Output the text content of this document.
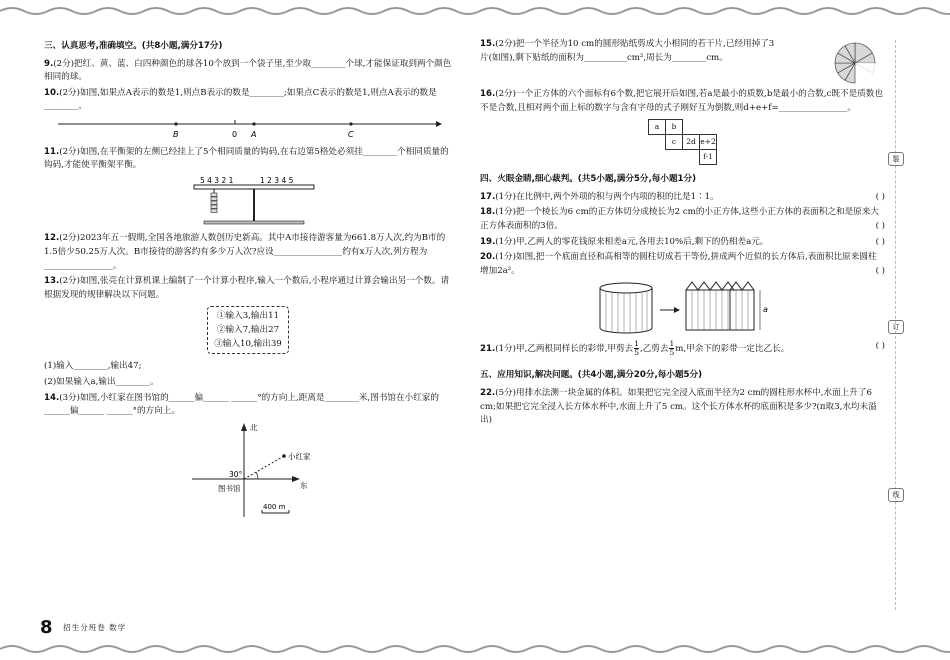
装
订
线
三、认真思考,准确填空。(共8小题,满分17分)
9.(2分)把红、黄、蓝、白四种颜色的球各10个放到一个袋子里,至少取________个球,才能保证取到两个颜色相同的球。
10.(2分)如图,如果点A表示的数是1,则点B表示的数是________;如果点C表示的数是1,则点A表示的数是________。
B	0 A	C
11.(2分)如图,在平衡架的左侧已经挂上了5个相同质量的钩码,在右边第5格处必须挂________个相同质量的钩码,才能使平衡架平衡。
5 4 3 2 1	1 2 3 4 5
12.(2分)2023年五一假期,全国各地旅游人数创历史新高。其中A市接待游客量为661.8万人次,约为B市的1.5倍少50.25万人次。B市接待的游客约有多少万人次?应设________________约有x万人次,列方程为________________。
13.(2分)如图,张亮在计算机课上编制了一个计算小程序,输入一个数后,小程序通过计算会输出另一个数。请根据发现的规律解决以下问题。
①输入3,输出11
②输入7,输出27
③输入10,输出39
(1)输入________,输出47;
(2)如果输入a,输出________。
14.(3分)如图,小红家在图书馆的______偏______ ______°的方向上,距离是________米,图书馆在小红家的______偏______ ______°的方向上。
北
东
小红家
图书馆
30°
400 m
15.(2分)把一个半径为10 cm的圆形贴纸剪成大小相同的若干片,已经用掉了3片(如图),剩下贴纸的面积为__________cm²,周长为________cm。
16.(2分)一个正方体的六个面标有6个数,把它展开后如图,若a是最小的质数,b是最小的合数,c既不是质数也不是合数,且相对两个面上标的数字与含有字母的式子刚好互为倒数,则d+e+f=________________。
a	b		
	c	2d	e+2
			f-1
四、火眼金睛,细心裁判。(共5小题,满分5分,每小题1分)
17.(1分)在比例中,两个外项的积与两个内项的积的比是1∶1。	( )
18.(1分)把一个棱长为6 cm的正方体切分成棱长为2 cm的小正方体,这些小正方体的表面积之和是原来大正方体表面积的3倍。	( )
19.(1分)甲,乙两人的零花钱原来相差a元,各用去10%后,剩下的仍相差a元。	( )
20.(1分)如图,把一个底面直径和高相等的圆柱切成若干等份,拼成两个近似的长方体后,表面积比原来圆柱增加2a²。	( )
a
21.(1分)甲,乙两根同样长的彩带,甲剪去 $\frac{1}{5}$ ,乙剪去 $\frac{1}{5} m$,甲余下的彩带一定比乙长。	( )
五、应用知识,解决问题。(共4小题,满分20分,每小题5分)
22.(5分)用排水法测一块金属的体积。如果把它完全浸入底面半径为2 cm的圆柱形水杯中,水面上升了6 cm;如果把它完全浸入长方体水杯中,水面上升了5 cm。这个长方体水杯的底面积是多少?(π取3,水均未溢出)
8 招生分班卷 数学
